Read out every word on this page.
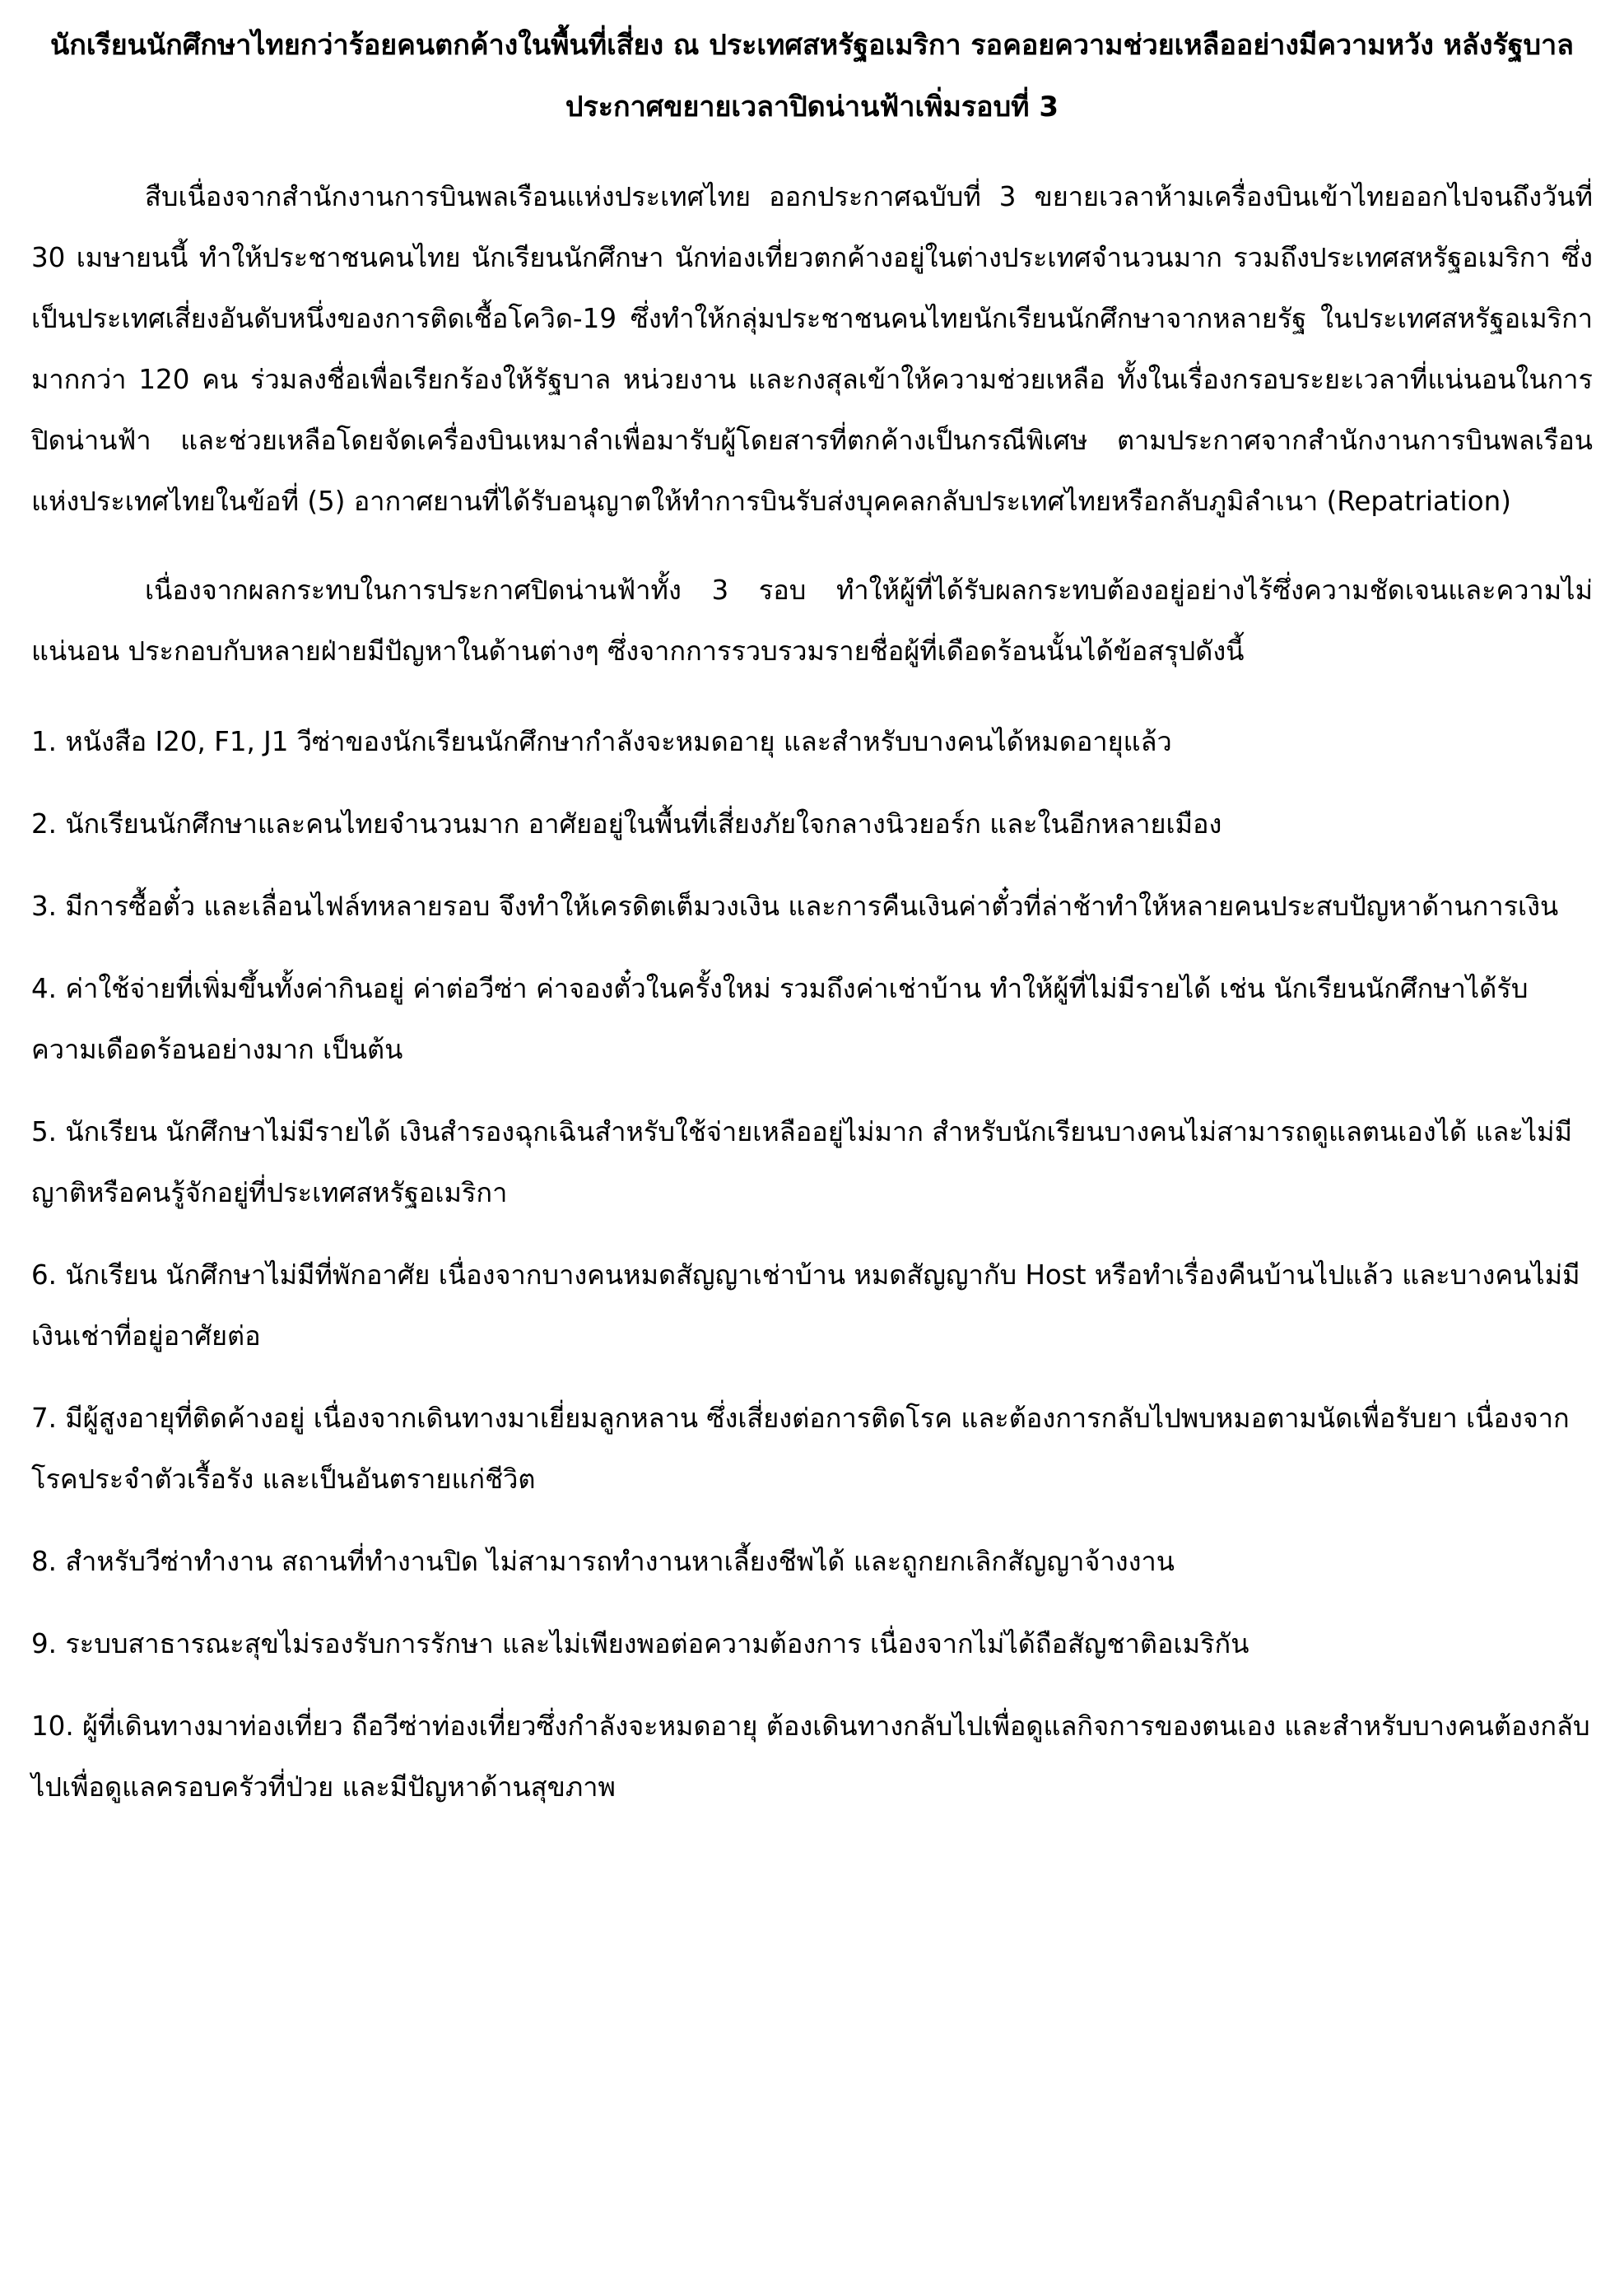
นักเรียนนักศึกษาไทยกว่าร้อยคนตกค้างในพื้นที่เสี่ยง ณ ประเทศสหรัฐอเมริกา รอคอยความช่วยเหลืออย่างมีความหวัง หลังรัฐบาลประกาศขยายเวลาปิดน่านฟ้าเพิ่มรอบที่ 3

สืบเนื่องจากสำนักงานการบินพลเรือนแห่งประเทศไทย ออกประกาศฉบับที่ 3 ขยายเวลาห้ามเครื่องบินเข้าไทยออกไปจนถึงวันที่ 30 เมษายนนี้ ทำให้ประชาชนคนไทย นักเรียนนักศึกษา นักท่องเที่ยวตกค้างอยู่ในต่างประเทศจำนวนมาก รวมถึงประเทศสหรัฐอเมริกา ซึ่งเป็นประเทศเสี่ยงอันดับหนึ่งของการติดเชื้อโควิด-19 ซึ่งทำให้กลุ่มประชาชนคนไทยนักเรียนนักศึกษาจากหลายรัฐ ในประเทศสหรัฐอเมริกามากกว่า 120 คน ร่วมลงชื่อเพื่อเรียกร้องให้รัฐบาล หน่วยงาน และกงสุลเข้าให้ความช่วยเหลือ ทั้งในเรื่องกรอบระยะเวลาที่แน่นอนในการปิดน่านฟ้า และช่วยเหลือโดยจัดเครื่องบินเหมาลำเพื่อมารับผู้โดยสารที่ตกค้างเป็นกรณีพิเศษ ตามประกาศจากสำนักงานการบินพลเรือนแห่งประเทศไทยในข้อที่ (5) อากาศยานที่ได้รับอนุญาตให้ทำการบินรับส่งบุคคลกลับประเทศไทยหรือกลับภูมิลำเนา (Repatriation)

เนื่องจากผลกระทบในการประกาศปิดน่านฟ้าทั้ง 3 รอบ ทำให้ผู้ที่ได้รับผลกระทบต้องอยู่อย่างไร้ซึ่งความชัดเจนและความไม่แน่นอน ประกอบกับหลายฝ่ายมีปัญหาในด้านต่างๆ ซึ่งจากการรวบรวมรายชื่อผู้ที่เดือดร้อนนั้นได้ข้อสรุปดังนี้

1. หนังสือ I20, F1, J1 วีซ่าของนักเรียนนักศึกษากำลังจะหมดอายุ และสำหรับบางคนได้หมดอายุแล้ว

2. นักเรียนนักศึกษาและคนไทยจำนวนมาก อาศัยอยู่ในพื้นที่เสี่ยงภัยใจกลางนิวยอร์ก และในอีกหลายเมือง

3. มีการซื้อตั๋ว และเลื่อนไฟล์ทหลายรอบ จึงทำให้เครดิตเต็มวงเงิน และการคืนเงินค่าตั๋วที่ล่าช้าทำให้หลายคนประสบปัญหาด้านการเงิน

4. ค่าใช้จ่ายที่เพิ่มขึ้นทั้งค่ากินอยู่ ค่าต่อวีซ่า ค่าจองตั๋วในครั้งใหม่ รวมถึงค่าเช่าบ้าน ทำให้ผู้ที่ไม่มีรายได้ เช่น นักเรียนนักศึกษาได้รับความเดือดร้อนอย่างมาก เป็นต้น

5. นักเรียน นักศึกษาไม่มีรายได้ เงินสำรองฉุกเฉินสำหรับใช้จ่ายเหลืออยู่ไม่มาก สำหรับนักเรียนบางคนไม่สามารถดูแลตนเองได้ และไม่มีญาติหรือคนรู้จักอยู่ที่ประเทศสหรัฐอเมริกา

6. นักเรียน นักศึกษาไม่มีที่พักอาศัย เนื่องจากบางคนหมดสัญญาเช่าบ้าน หมดสัญญากับ Host หรือทำเรื่องคืนบ้านไปแล้ว และบางคนไม่มีเงินเช่าที่อยู่อาศัยต่อ

7. มีผู้สูงอายุที่ติดค้างอยู่ เนื่องจากเดินทางมาเยี่ยมลูกหลาน ซึ่งเสี่ยงต่อการติดโรค และต้องการกลับไปพบหมอตามนัดเพื่อรับยา เนื่องจากโรคประจำตัวเรื้อรัง และเป็นอันตรายแก่ชีวิต

8. สำหรับวีซ่าทำงาน สถานที่ทำงานปิด ไม่สามารถทำงานหาเลี้ยงชีพได้ และถูกยกเลิกสัญญาจ้างงาน

9. ระบบสาธารณะสุขไม่รองรับการรักษา และไม่เพียงพอต่อความต้องการ เนื่องจากไม่ได้ถือสัญชาติอเมริกัน

10. ผู้ที่เดินทางมาท่องเที่ยว ถือวีซ่าท่องเที่ยวซึ่งกำลังจะหมดอายุ ต้องเดินทางกลับไปเพื่อดูแลกิจการของตนเอง และสำหรับบางคนต้องกลับไปเพื่อดูแลครอบครัวที่ป่วย และมีปัญหาด้านสุขภาพ
